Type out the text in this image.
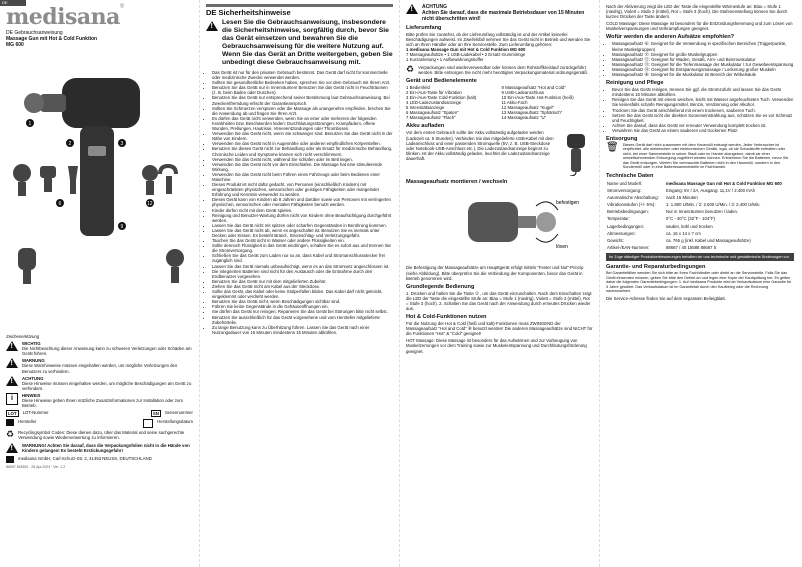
DE
medisana®
DE Gebrauchsanweisung
Massage Gun mit Hot & Cold Funktion
MG 600
1
2	3
6
9
12
Zeichenerklärung
!
WICHTIG
Die Nichtbeachtung dieser Anweisung kann zu schweren Verletzungen oder Schäden am Gerät führen.
!
WARNUNG
Diese Warnhinweise müssen eingehalten werden, um mögliche Verletzungen des Benutzers zu verhindern.
!
ACHTUNG
Diese Hinweise müssen eingehalten werden, um mögliche Beschädigungen am Gerät zu verhindern.
i	HINWEIS
Diese Hinweise geben Ihnen nützliche Zusatzinformationen zur Installation oder zum Betrieb.
LOT	LOT-Nummer	SN	Seriennummer
Hersteller	Herstellungsdatum
♻ Recyclingsymbol Codes: Diese dienen dazu, über das Material und seine sachgerechte Verwendung sowie Wiederverwertung zu informieren.
!
WARNUNG! Achten Sie darauf, dass die Verpackungsfolien nicht in die Hände von Kindern gelangen! Es besteht Erstickungsgefahr!
medisana GmbH, Carl-Schurz-Str. 2, 41453 NEUSS, DEUTSCHLAND
86697 MG600 · 25.Apr.2023 · Ver. 1.2
DE Sicherheitshinweise
!
Lesen Sie die Gebrauchsanweisung, insbesondere die Sicherheitshinweise, sorgfältig durch, bevor Sie das Gerät einsetzen und bewahren Sie die Gebrauchsanweisung für die weitere Nutzung auf. Wenn Sie das Gerät an Dritte weitergeben, geben Sie unbedingt diese Gebrauchsanweisung mit.
• Das Gerät ist nur für den privaten Gebrauch bestimmt. Das Gerät darf nicht für kommerzielle oder medizinische Zwecke verwendet werden.
• Sollten Sie gesundheitliche Bedenken haben, sprechen Sie vor dem Gebrauch mit Ihrem Arzt.
• Benutzen Sie das Gerät nur in Innenräumen! Benutzen Sie das Gerät nicht in Feuchträumen (z. B. beim Baden oder Duschen).
• Benutzen Sie das Gerät nur entsprechend seiner Bestimmung laut Gebrauchsanweisung. Bei Zweckentfremdung erlischt der Garantieanspruch.
• Sollten Sie Schmerzen verspüren oder die Massage als unangenehm empfinden, brechen Sie die Anwendung ab und fragen Sie Ihren Arzt.
• Es dürfen das Gerät nicht verwenden, wenn Sie an einer oder mehreren der folgenden Krankheiten bzw. Beschwerden leiden: Durchblutungsstörungen, Krampfadern, offene Wunden, Prellungen, Hautrisse, Venenentzündungen oder Thrombosen.
• Verwenden Sie das Gerät nicht, wenn Sie schwanger sind. Benutzen Sie das Gerät nicht in der Nähe von Kindern.
• Verwenden Sie das Gerät nicht in Augennähe oder anderen empfindlichen Körperstellen.
• Benutzen Sie dieses Gerät nicht zur Behandlung oder als Ersatz für medizinische Behandlung. Chronische Leiden und Symptome können sich nicht verschlimmern.
• Verwenden Sie das Gerät nicht, während Sie schlafen oder im Bett liegen.
• Verwenden Sie das Gerät nicht vor dem Einschlafen. Die Massage hat eine stimulierende Wirkung.
• Verwenden Sie das Gerät nicht beim Führen eines Fahrzeugs oder beim Bedienen einer Maschine.
• Dieses Produkt ist nicht dafür gedacht, von Personen (einschließlich Kindern) mit eingeschränkten physischen, sensorischen oder geistigen Fähigkeiten oder mangelnder Erfahrung und Kenntnis verwendet zu werden.
• Dieses Gerät kann von Kindern ab 8 Jahren und darüber sowie von Personen mit verringerten physischen, sensorischen oder mentalen Fähigkeiten benutzt werden.
• Kinder dürfen nicht mit dem Gerät spielen.
• Reinigung und Benutzer-Wartung dürfen nicht von Kindern ohne Beaufsichtigung durchgeführt werden.
• Lassen Sie das Gerät nicht mit spitzen oder scharfen Gegenständen in Berührung kommen.
• Lassen Sie das Gerät nicht ab, wenn es angeschaltet ist. Benutzen Sie es niemals unter Decken oder Kissen. Es besteht Brand-, Stromschlag- und Verletzungsgefahr.
• Tauchen Sie das Gerät nicht in Wasser oder andere Flüssigkeiten ein.
• Sollte dennoch Flüssigkeit in das Gerät eindringen, schalten Sie es sofort aus und trennen Sie die Stromversorgung.
• Schließen Sie das Gerät zum Laden nur so an, dass Kabel und Stromanschlussstecker frei zugänglich sind.
• Lassen Sie das Gerät niemals unbeaufsichtigt, wenn es an das Stromnetz angeschlossen ist.
• Die integrierten Batterien sind nicht für den Austausch oder die Entnahme durch den Endbenutzer vorgesehen.
• Benutzen Sie das Gerät nur mit dem mitgelieferten Zubehör.
• Ziehen Sie das Gerät nicht am Kabel aus der Steckdose.
• Sollte das Gerät, das Kabel oder keine Stolperfallen bilden. Das Kabel darf nicht geknickt, eingeklemmt oder verdreht werden.
• Benutzen Sie das Gerät nicht, wenn Beschädigungen sichtbar sind.
• Führen Sie keine Gegenstände in die Gehäuseöffnungen ein.
• Sie dürfen das Gerät nur reinigen. Reparieren Sie das Gerät bei Störungen bitte nicht selbst.
• Benutzen Sie ausschließlich für das Gerät vorgesehene und vom Hersteller mitgelieferte Zubehörteile.
• Zu lange Benutzung kann zu Überhitzung führen. Lassen Sie das Gerät nach einer Nutzungsdauer von 15 Minuten mindestens 15 Minuten abkühlen.
!
ACHTUNG
Achten Sie darauf, dass die maximale Betriebsdauer von 15 Minuten nicht überschritten wird!
Lieferumfang
Bitte prüfen Sie zunächst, ob der Lieferumfang vollständig ist und der Artikel keinerlei Beschädigungen aufweist. Im Zweifelsfall nehmen Sie das Gerät nicht in Betrieb und wenden Sie sich an Ihren Händler oder an Ihre Servicestelle. Zum Lieferumfang gehören:
1 medisana Massage Gun mit Hot & Cold Funktion MG 600
7 Massageaufsätze • 1 USB-Ladekabel • 2 Ersatz-Gummiringe
1 Kurzanleitung • 1 Aufbewahrungskoffer
♻ Verpackungen sind wiederverwendbar oder können dem Rohstoffkreislauf zurückgeführt werden. Bitte entsorgen Sie nicht mehr benötigtes Verpackungsmaterial ordnungsgemäß.
Gerät und Bedienelemente
1 Bedienfeld
2 Ein-/Aus-Taste für Vibration
3 Ein-/Aus-Taste Cold-Funktion (kalt)
4 LED-Ladezustandsanzeige
5 Intensitätsanzeige
6 Massageaufsatz "Spaten"
7 Massageaufsatz "Flach"
8 Massageaufsatz "Hot and Cold"
9 USB-Ladeanschluss
10 Ein-/Aus-Taste Hot-Funktion (heiß)
11 Akku-Fach
12 Massageaufsatz "Kugel"
13 Massageaufsatz "Sphärisch"
14 Massageaufsatz "U"
Akku aufladen
Vor dem ersten Gebrauch sollte der Akku vollständig aufgeladen werden (Ladezeit ca. 5 Stunden). Verbinden Sie das mitgelieferte USB-Kabel mit dem Ladeanschluss und einer passenden Stromquelle (5V, z. B. USB-Steckdose oder Notebook-USB-Anschluss etc.). Die Ladezustandsanzeige beginnt zu blinken. Ist der Akku vollständig geladen, leuchtet die Ladezustandsanzeige dauerhaft.
Massageaufsatz montieren / wechseln
befestigen
lösen
Die Befestigung der Massageaufsätze am Haupttgerät erfolgt mittels "Fester und Nut"-Prinzip (siehe Abbildung). Bitte überprüfen Sie die Verbindung der Komponenten, bevor das Gerät in Betrieb genommen wird.
Grundlegende Bedienung
1. Drücken und halten Sie die Taste ② , um das Gerät einzuschalten. Nach dem Einschalten zeigt die LED der Taste die eingestellte Stufe an: Blau = Stufe 1 (niedrig), Violett = Stufe 2 (mittel), Rot = Stufe 3 (hoch). 2. Schalten Sie das Gerät nach der Anwendung durch erneutes Drücken wieder aus.
Hot & Cold-Funktionen nutzen
Für die Nutzung der Hot & Cold (heiß und kalt)-Funktionen muss ZWINGEND der Massageaufsatz "Hot and Cold" ⑧ benutzt werden! Die anderen Massageaufsätze sind NICHT für die Funktionen "Hot" & "Cold" geeignet!
HOT Massage: Diese Massage ist besonders für das Aufwärmen und zur Vorbeugung von Muskelzerrungen vor dem Training sowie zur Muskelentspannung und Durchblutungsförderung geeignet.
Nach der Aktivierung zeigt die LED der Taste die eingestellte Wärmestufe an: Blau = Stufe 1 (niedrig), Violett = Stufe 2 (mittel), Rot = Stufe 3 (hoch). Die Stufeneinstellung können Sie durch kurzes Drücken der Taste ändern.
COLD Massage: Diese Massage ist besonders für die Entzündungshemmung und zum Lösen von Muskelverspannungen und Verkrampfungen geeignet.
Wofür werden die anderen Aufsätze empfohlen?
• Massageaufsatz ⑥: Geeignet für die Verwendung in spezifischen Bereichen (Triggerpunkte, kleine Muskelgruppen)
• Massageaufsatz ⑦: Geeignet für große Muskelgruppen
• Massageaufsatz ⑫: Geeignet für Waden, Gesäß, Arm- und Beinmuskulatur
• Massageaufsatz ⑬: Geeignet für die Tiefenmassage der Muskulatur / zur Gewebeentspannung
• Massageaufsatz ⑭: Geeignet für Entspannungsmassage / Lockerung großer Muskeln
• Massageaufsatz ⑧: Geeignet für die Muskulatur im Bereich der Wirbelsäule
Reinigung und Pflege
• Bevor Sie das Gerät reinigen, trennen Sie ggf. die Stromzufuhr und lassen Sie das Gerät mindestens 15 Minuten abkühlen.
• Reinigen Sie das Gerät mit einem weichen, leicht mit Wasser angefeuchteten Tuch. Verwenden Sie keinesfalls scharfe Reinigungsmittel, Benzin, Verdünnung oder Alkohol.
• Trocknen Sie das Gerät anschließend mit einem trockenen, sauberen Tuch.
• Setzen Sie das Gerät nicht der direkten Sonneneinstrahlung aus, schützen Sie es vor Schmutz und Feuchtigkeit.
• Achten Sie darauf, dass das Gerät vor erneuter Verwendung komplett trocken ist.
• Verwahren Sie das Gerät an einem sauberen und trockenen Platz.
Entsorgung
🗑 Dieses Gerät darf nicht zusammen mit dem Hausmüll entsorgt werden. Jeder Verbraucher ist verpflichtet, alle elektrischen oder elektronischen Geräte, egal, ob sie Schadstoffe enthalten oder nicht, bei einer Sammelstelle in seiner Stadt oder im Handel abzugeben, damit sie einer umweltschonenden Entsorgung zugeführt werden können. Entnehmen Sie die Batterien, bevor Sie das Gerät entsorgen. Werfen Sie verbrauchte Batterien nicht in den Hausmüll, sondern in den Sondermüll oder in eine Batteriesammelstelle im Fachhandel.
Technische Daten
Name und Modell:	medisana Massage Gun mit Hot & Cold Funktion MG 600
Stromversorgung:	Eingang: 5V / 2A, Ausgang: 11,1V / 2.400 mAh
Automatische Abschaltung:	nach 15 Minuten
Vibrationsstufen (+/- 5%):	1: 1.800 U/Min. / 2: 2.000 U/Min. / 3: 2.400 U/Min.
Betriebsbedingungen:	Nur in Innenräumen benutzen / laden.
Temperatur:	0°C - 40°C (32°F - 104°F)
Lagerbedingungen:	sauber, kühl und trocken
Abmessungen:	ca. 16 x 14 x 7 cm
Gewicht:	ca. 765 g (inkl. Kabel und Massageaufsätze)
Artikel-/EAN-Nummer:	88687 / 40 15588 88687 5
Im Zuge ständiger Produktverbesserungen behalten wir uns technische und gestalterische Änderungen vor.
Garantie- und Reparaturbedingungen
Bei Garantiefällen wenden Sie sich bitte an Ihren Fachhändler oder direkt an die Servicestelle. Falls Sie das Gerät einsenden müssen, geben Sie bitte den Defekt an und legen eine Kopie der Kaufquittung bei. Es gelten dabei die folgenden Garantiebedingungen: 1. Auf medisana Produkte wird ab Verkaufsdatum eine Garantie für 3 Jahre gewährt. Das Verkaufsdatum ist im Garantiefall durch den Kaufbeleg oder die Rechnung nachzuweisen.
Die Service-Adresse finden Sie auf dem separaten Beileigblatt.
